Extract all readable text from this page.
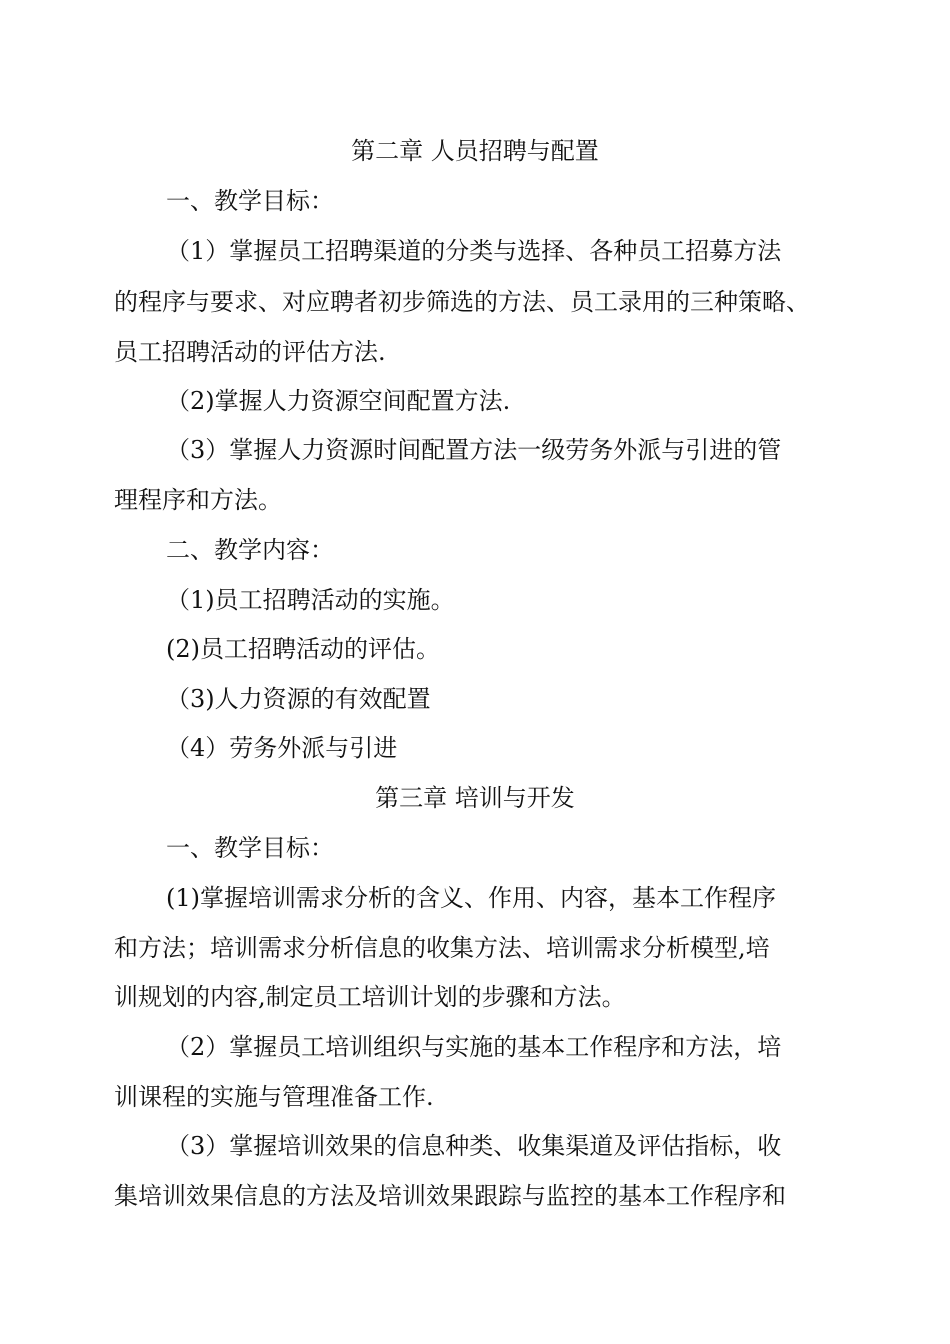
第二章 人员招聘与配置
一、教学目标：
（1）掌握员工招聘渠道的分类与选择、各种员工招募方法
的程序与要求、对应聘者初步筛选的方法、员工录用的三种策略、
员工招聘活动的评估方法.
（2)掌握人力资源空间配置方法.
（3）掌握人力资源时间配置方法一级劳务外派与引进的管
理程序和方法。
二、教学内容：
（1)员工招聘活动的实施。
(2)员工招聘活动的评估。
（3)人力资源的有效配置
（4）劳务外派与引进
第三章 培训与开发
一、教学目标：
(1)掌握培训需求分析的含义、作用、内容，基本工作程序
和方法；培训需求分析信息的收集方法、培训需求分析模型,培
训规划的内容,制定员工培训计划的步骤和方法。
（2）掌握员工培训组织与实施的基本工作程序和方法，培
训课程的实施与管理准备工作.
（3）掌握培训效果的信息种类、收集渠道及评估指标，收
集培训效果信息的方法及培训效果跟踪与监控的基本工作程序和
